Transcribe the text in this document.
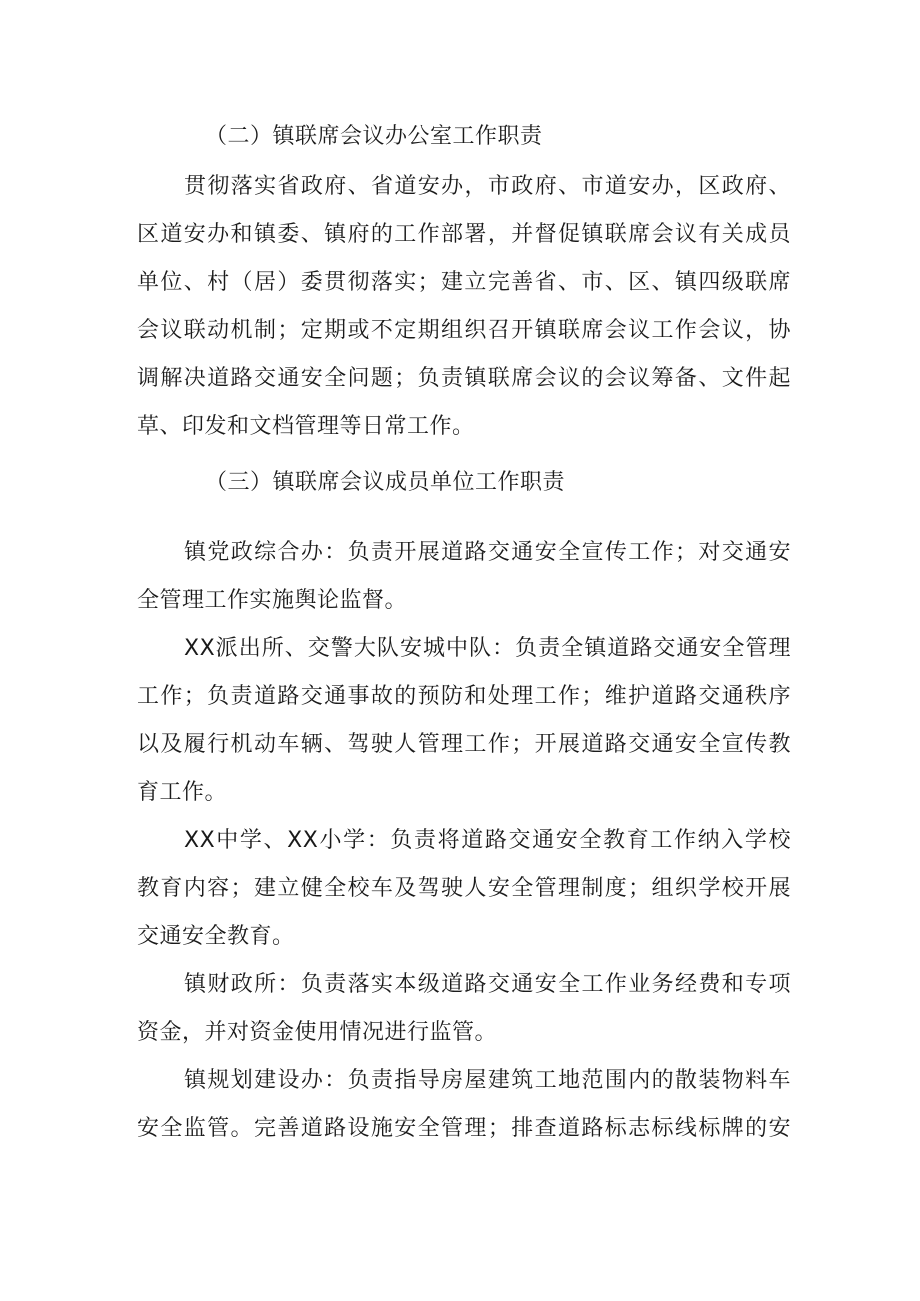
（二）镇联席会议办公室工作职责
贯彻落实省政府、省道安办，市政府、市道安办，区政府、
区道安办和镇委、镇府的工作部署，并督促镇联席会议有关成员
单位、村（居）委贯彻落实；建立完善省、市、区、镇四级联席
会议联动机制；定期或不定期组织召开镇联席会议工作会议，协
调解决道路交通安全问题；负责镇联席会议的会议筹备、文件起
草、印发和文档管理等日常工作。
（三）镇联席会议成员单位工作职责
镇党政综合办：负责开展道路交通安全宣传工作；对交通安
全管理工作实施舆论监督。
XX派出所、交警大队安城中队：负责全镇道路交通安全管理
工作；负责道路交通事故的预防和处理工作；维护道路交通秩序
以及履行机动车辆、驾驶人管理工作；开展道路交通安全宣传教
育工作。
XX中学、XX小学：负责将道路交通安全教育工作纳入学校
教育内容；建立健全校车及驾驶人安全管理制度；组织学校开展
交通安全教育。
镇财政所：负责落实本级道路交通安全工作业务经费和专项
资金，并对资金使用情况进行监管。
镇规划建设办：负责指导房屋建筑工地范围内的散装物料车
安全监管。完善道路设施安全管理；排查道路标志标线标牌的安
